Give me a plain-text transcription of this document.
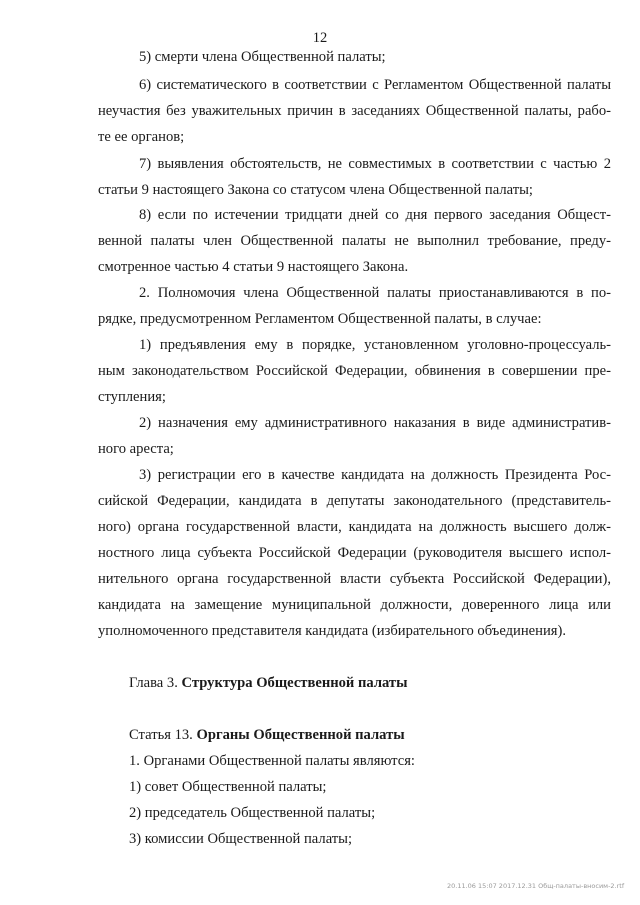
12
5) смерти члена Общественной палаты;
6) систематического в соответствии с Регламентом Общественной палаты
неучастия без уважительных причин в заседаниях Общественной палаты, рабо-
те ее органов;
7) выявления обстоятельств, не совместимых в соответствии с частью 2
статьи 9 настоящего Закона со статусом члена Общественной палаты;
8) если по истечении тридцати дней со дня первого заседания Общест-
венной палаты член Общественной палаты не выполнил требование, преду-
смотренное частью 4 статьи 9 настоящего Закона.
2. Полномочия члена Общественной палаты приостанавливаются в по-
рядке, предусмотренном Регламентом Общественной палаты, в случае:
1) предъявления ему в порядке, установленном уголовно-процессуаль-
ным законодательством Российской Федерации, обвинения в совершении пре-
ступления;
2) назначения ему административного наказания в виде административ-
ного ареста;
3) регистрации его в качестве кандидата на должность Президента Рос-
сийской Федерации, кандидата в депутаты законодательного (представитель-
ного) органа государственной власти, кандидата на должность высшего долж-
ностного лица субъекта Российской Федерации (руководителя высшего испол-
нительного органа государственной власти субъекта Российской Федерации),
кандидата на замещение муниципальной должности, доверенного лица или
уполномоченного представителя кандидата (избирательного объединения).
Глава 3. Структура Общественной палаты
Статья 13. Органы Общественной палаты
1. Органами Общественной палаты являются:
1) совет Общественной палаты;
2) председатель Общественной палаты;
3) комиссии Общественной палаты;
20.11.06 15:07 2017.12.31 Общ-палаты-вносим-2.rtf
